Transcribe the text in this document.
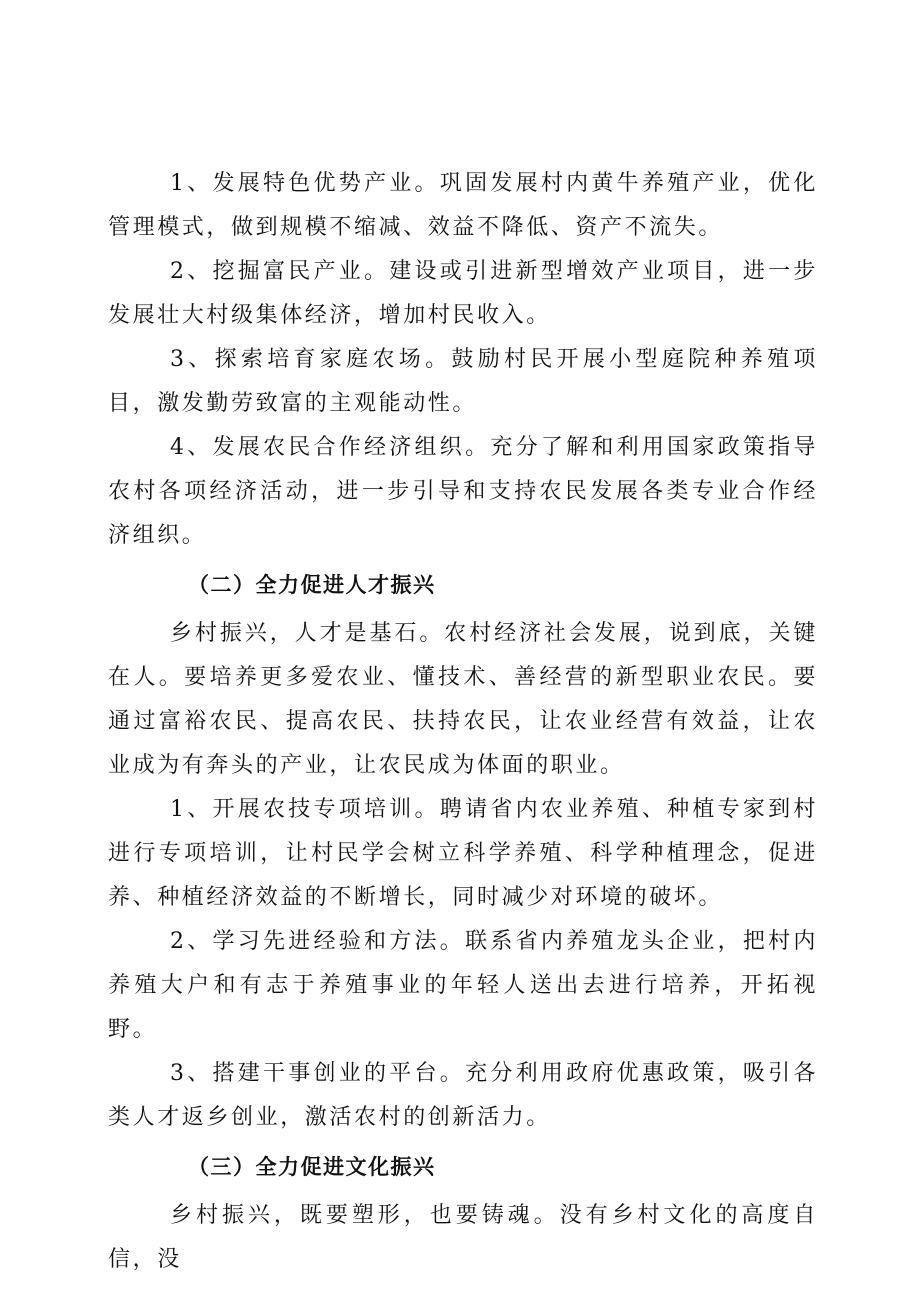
1、发展特色优势产业。巩固发展村内黄牛养殖产业，优化管理模式，做到规模不缩减、效益不降低、资产不流失。

2、挖掘富民产业。建设或引进新型增效产业项目，进一步发展壮大村级集体经济，增加村民收入。

3、探索培育家庭农场。鼓励村民开展小型庭院种养殖项目，激发勤劳致富的主观能动性。

4、发展农民合作经济组织。充分了解和利用国家政策指导农村各项经济活动，进一步引导和支持农民发展各类专业合作经济组织。

（二）全力促进人才振兴

乡村振兴，人才是基石。农村经济社会发展，说到底，关键在人。要培养更多爱农业、懂技术、善经营的新型职业农民。要通过富裕农民、提高农民、扶持农民，让农业经营有效益，让农业成为有奔头的产业，让农民成为体面的职业。

1、开展农技专项培训。聘请省内农业养殖、种植专家到村进行专项培训，让村民学会树立科学养殖、科学种植理念，促进养、种植经济效益的不断增长，同时减少对环境的破坏。

2、学习先进经验和方法。联系省内养殖龙头企业，把村内养殖大户和有志于养殖事业的年轻人送出去进行培养，开拓视野。

3、搭建干事创业的平台。充分利用政府优惠政策，吸引各类人才返乡创业，激活农村的创新活力。

（三）全力促进文化振兴

乡村振兴，既要塑形，也要铸魂。没有乡村文化的高度自信，没
